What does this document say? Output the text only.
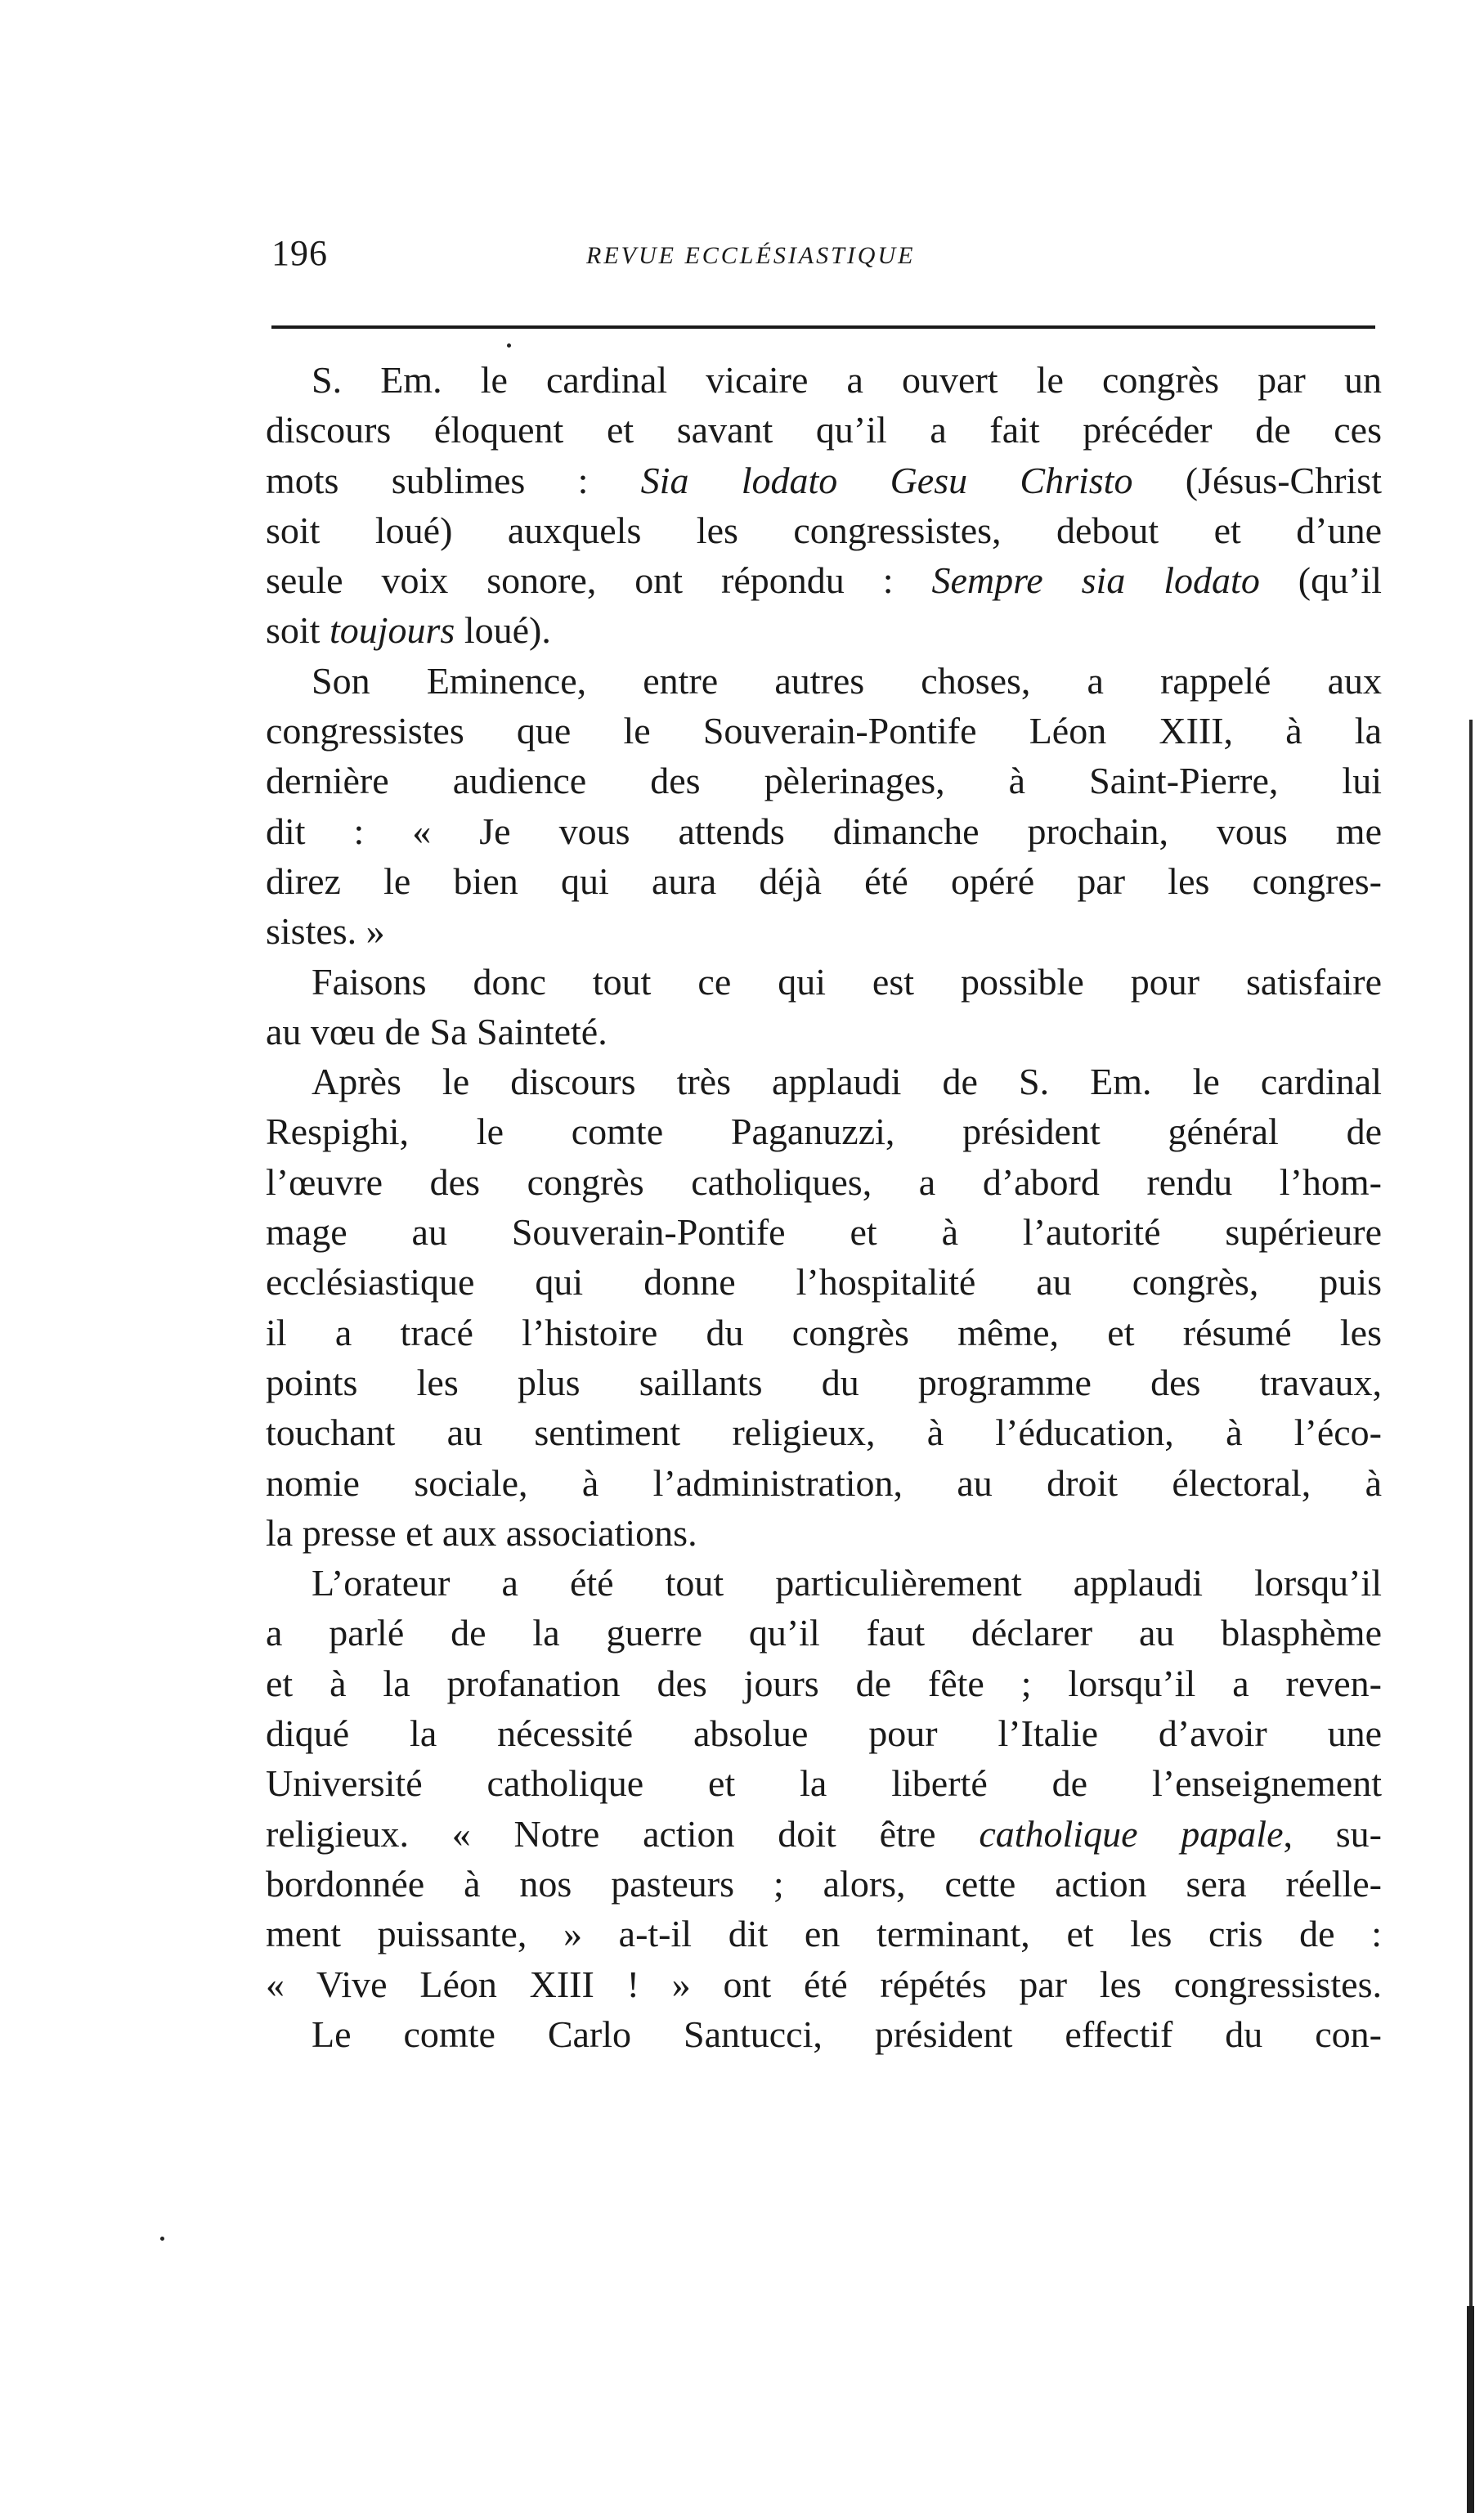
196	REVUE ECCLÉSIASTIQUE
S. Em. le cardinal vicaire a ouvert le congrès par un
discours éloquent et savant qu’il a fait précéder de ces
mots sublimes : Sia lodato Gesu Christo (Jésus-Christ
soit loué) auxquels les congressistes, debout et d’une
seule voix sonore, ont répondu : Sempre sia lodato (qu’il
soit toujours loué).
Son Eminence, entre autres choses, a rappelé aux
congressistes que le Souverain-Pontife Léon XIII, à la
dernière audience des pèlerinages, à Saint-Pierre, lui
dit : « Je vous attends dimanche prochain, vous me
direz le bien qui aura déjà été opéré par les congres-
sistes. »
Faisons donc tout ce qui est possible pour satisfaire
au vœu de Sa Sainteté.
Après le discours très applaudi de S. Em. le cardinal
Respighi, le comte Paganuzzi, président général de
l’œuvre des congrès catholiques, a d’abord rendu l’hom-
mage au Souverain-Pontife et à l’autorité supérieure
ecclésiastique qui donne l’hospitalité au congrès, puis
il a tracé l’histoire du congrès même, et résumé les
points les plus saillants du programme des travaux,
touchant au sentiment religieux, à l’éducation, à l’éco-
nomie sociale, à l’administration, au droit électoral, à
la presse et aux associations.
L’orateur a été tout particulièrement applaudi lorsqu’il
a parlé de la guerre qu’il faut déclarer au blasphème
et à la profanation des jours de fête ; lorsqu’il a reven-
diqué la nécessité absolue pour l’Italie d’avoir une
Université catholique et la liberté de l’enseignement
religieux. « Notre action doit être catholique papale, su-
bordonnée à nos pasteurs ; alors, cette action sera réelle-
ment puissante, » a-t-il dit en terminant, et les cris de :
« Vive Léon XIII ! » ont été répétés par les congressistes.
Le comte Carlo Santucci, président effectif du con-
